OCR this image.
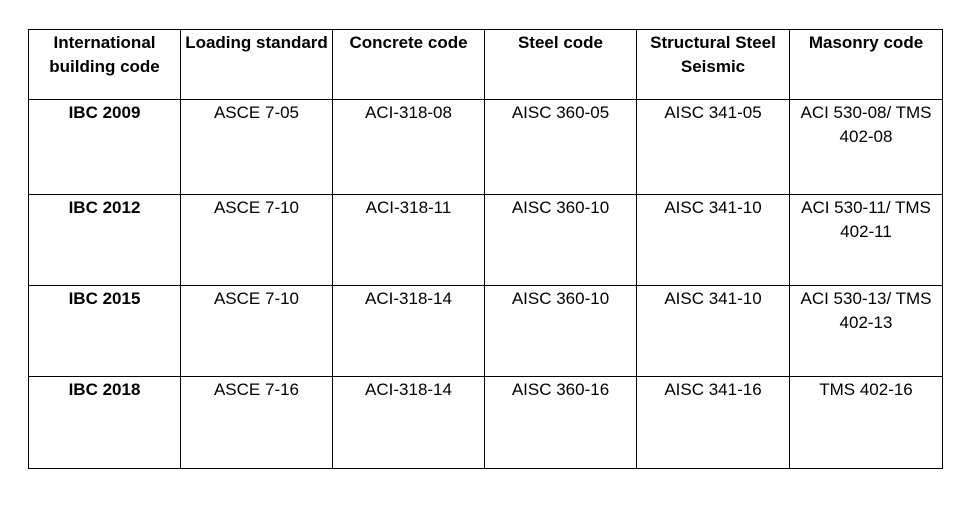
International building code	Loading standard	Concrete code	Steel code	Structural Steel Seismic	Masonry code
IBC 2009	ASCE 7-05	ACI-318-08	AISC 360-05	AISC 341-05	ACI 530-08/ TMS 402-08
IBC 2012	ASCE 7-10	ACI-318-11	AISC 360-10	AISC 341-10	ACI 530-11/ TMS 402-11
IBC 2015	ASCE 7-10	ACI-318-14	AISC 360-10	AISC 341-10	ACI 530-13/ TMS 402-13
IBC 2018	ASCE 7-16	ACI-318-14	AISC 360-16	AISC 341-16	TMS 402-16
